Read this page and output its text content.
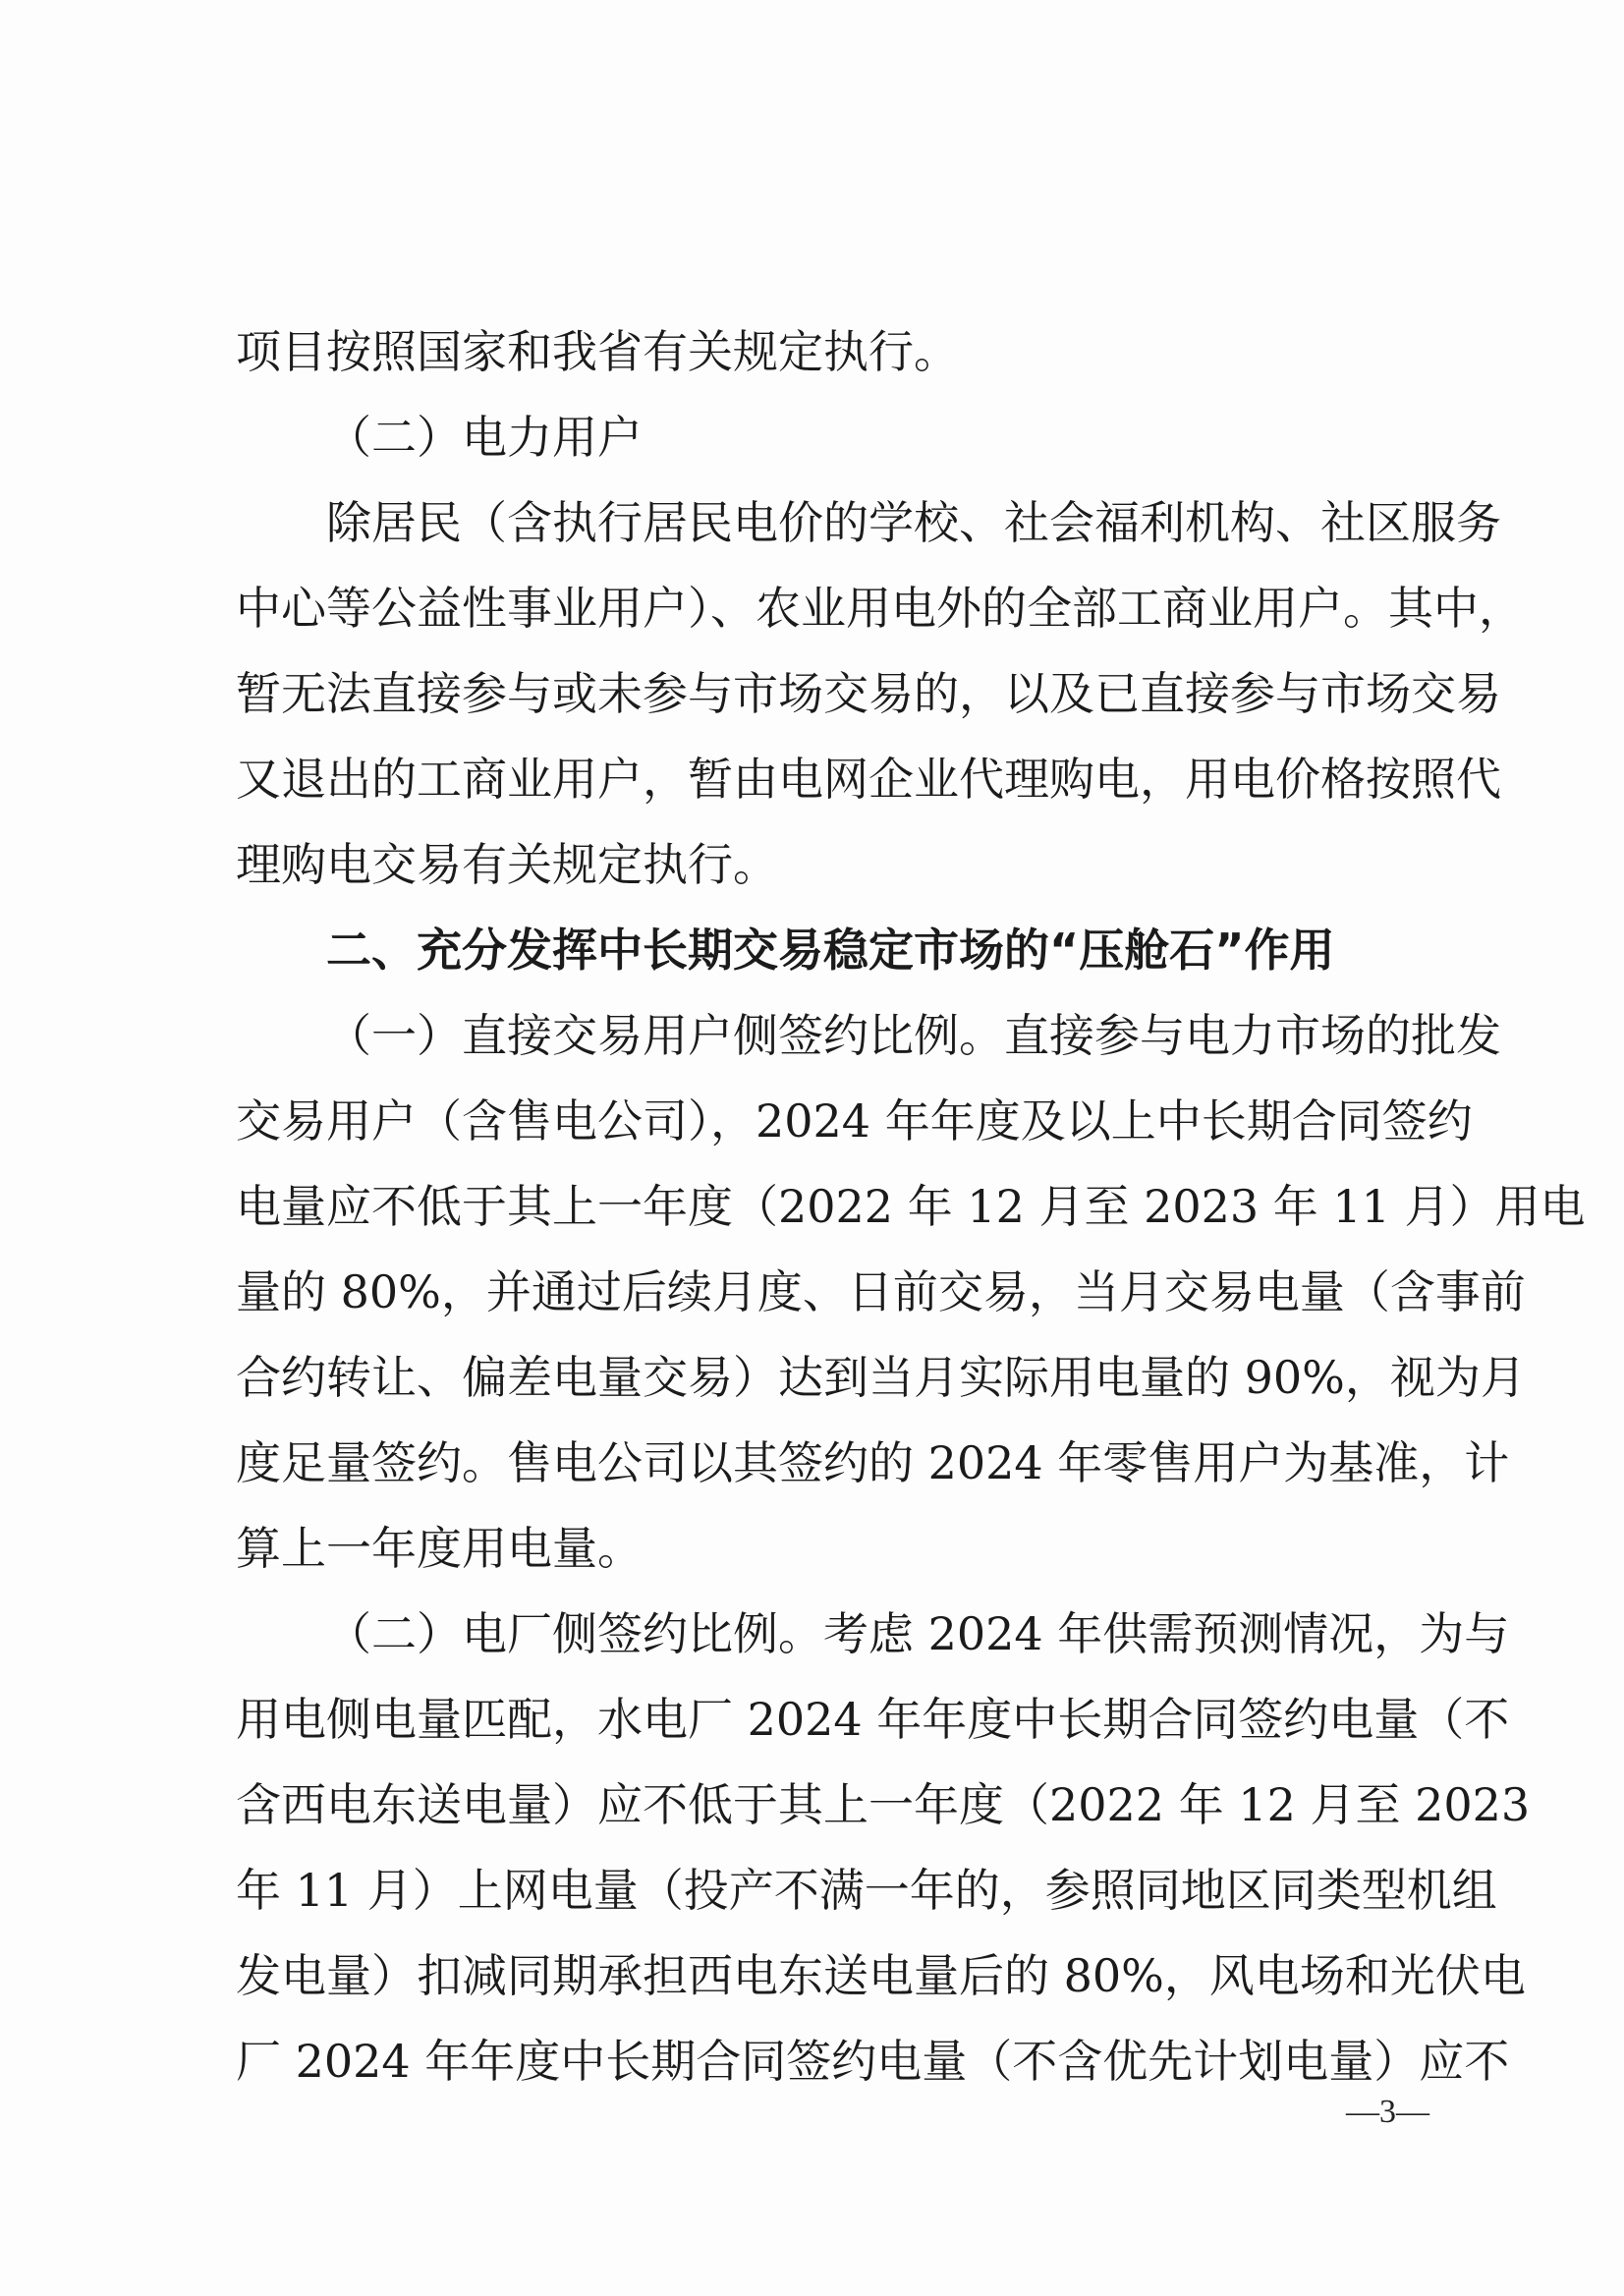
项目按照国家和我省有关规定执行。
（二）电力用户
除居民（含执行居民电价的学校、社会福利机构、社区服务
中心等公益性事业用户）、农业用电外的全部工商业用户。其中，
暂无法直接参与或未参与市场交易的，以及已直接参与市场交易
又退出的工商业用户，暂由电网企业代理购电，用电价格按照代
理购电交易有关规定执行。
二、充分发挥中长期交易稳定市场的“压舱石”作用
（一）直接交易用户侧签约比例。直接参与电力市场的批发
交易用户（含售电公司），2024 年年度及以上中长期合同签约
电量应不低于其上一年度（2022 年 12 月至 2023 年 11 月）用电
量的 80%，并通过后续月度、日前交易，当月交易电量（含事前
合约转让、偏差电量交易）达到当月实际用电量的 90%，视为月
度足量签约。售电公司以其签约的 2024 年零售用户为基准，计
算上一年度用电量。
（二）电厂侧签约比例。考虑 2024 年供需预测情况，为与
用电侧电量匹配，水电厂 2024 年年度中长期合同签约电量（不
含西电东送电量）应不低于其上一年度（2022 年 12 月至 2023
年 11 月）上网电量（投产不满一年的，参照同地区同类型机组
发电量）扣减同期承担西电东送电量后的 80%，风电场和光伏电
厂 2024 年年度中长期合同签约电量（不含优先计划电量）应不
—3—
